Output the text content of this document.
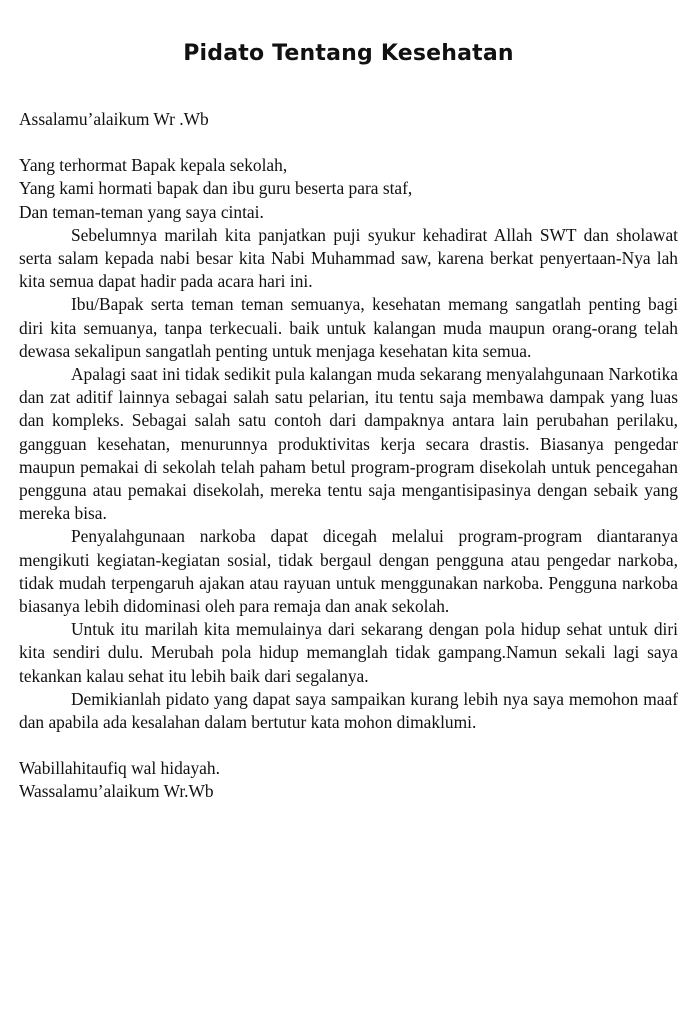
Pidato Tentang Kesehatan

Assalamu’alaikum Wr .Wb

Yang terhormat Bapak kepala sekolah,

Yang kami hormati bapak dan ibu guru beserta para staf,

Dan teman-teman yang saya cintai.

Sebelumnya marilah kita panjatkan puji syukur kehadirat Allah SWT dan sholawat serta salam kepada nabi besar kita Nabi Muhammad saw, karena berkat penyertaan-Nya lah kita semua dapat hadir pada acara hari ini.

Ibu/Bapak serta teman teman semuanya, kesehatan memang sangatlah penting bagi diri kita semuanya, tanpa terkecuali. baik untuk kalangan muda maupun orang-orang telah dewasa sekalipun sangatlah penting untuk menjaga kesehatan kita semua.

Apalagi saat ini tidak sedikit pula kalangan muda sekarang menyalahgunaan Narkotika dan zat aditif lainnya sebagai salah satu pelarian, itu tentu saja membawa dampak yang luas dan kompleks. Sebagai salah satu contoh dari dampaknya antara lain perubahan perilaku, gangguan kesehatan, menurunnya produktivitas kerja secara drastis. Biasanya pengedar maupun pemakai di sekolah telah paham betul program-program disekolah untuk pencegahan pengguna atau pemakai disekolah, mereka tentu saja mengantisipasinya dengan sebaik yang mereka bisa.

Penyalahgunaan narkoba dapat dicegah melalui program-program diantaranya mengikuti kegiatan-kegiatan sosial, tidak bergaul dengan pengguna atau pengedar narkoba, tidak mudah terpengaruh ajakan atau rayuan untuk menggunakan narkoba. Pengguna narkoba biasanya lebih didominasi oleh para remaja dan anak sekolah.

Untuk itu marilah kita memulainya dari sekarang dengan pola hidup sehat untuk diri kita sendiri dulu. Merubah pola hidup memanglah tidak gampang.Namun sekali lagi saya tekankan kalau sehat itu lebih baik dari segalanya.

Demikianlah pidato yang dapat saya sampaikan kurang lebih nya saya memohon maaf dan apabila ada kesalahan dalam bertutur kata mohon dimaklumi.

Wabillahitaufiq wal hidayah.

Wassalamu’alaikum Wr.Wb
